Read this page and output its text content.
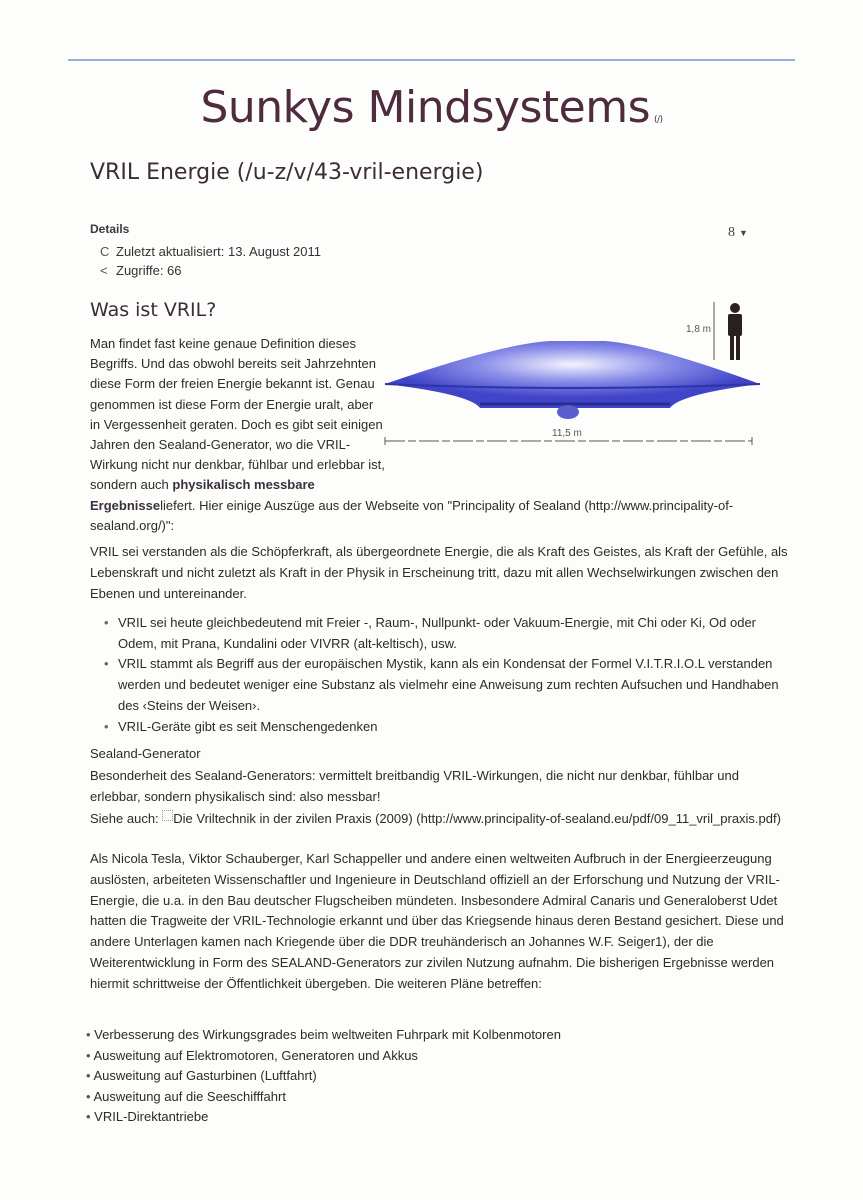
Sunkys Mindsystems (/)
VRIL Energie (/u-z/v/43-vril-energie)
Details
C Zuletzt aktualisiert: 13. August 2011
< Zugriffe: 66
8 ▼
Was ist VRIL?
1,8 m
11,5 m

Man findet fast keine genaue Definition dieses Begriffs. Und das obwohl bereits seit Jahrzehnten diese Form der freien Energie bekannt ist. Genau genommen ist diese Form der Energie uralt, aber in Vergessenheit geraten. Doch es gibt seit einigen Jahren den Sealand-Generator, wo die VRIL-Wirkung nicht nur denkbar, fühlbar und erlebbar ist, sondern auch physikalisch messbare Ergebnisseliefert. Hier einige Auszüge aus der Webseite von "Principality of Sealand (http://www.principality-of-sealand.org/)":

VRIL sei verstanden als die Schöpferkraft, als übergeordnete Energie, die als Kraft des Geistes, als Kraft der Gefühle, als Lebenskraft und nicht zuletzt als Kraft in der Physik in Erscheinung tritt, dazu mit allen Wechselwirkungen zwischen den Ebenen und untereinander.

• VRIL sei heute gleichbedeutend mit Freier -, Raum-, Nullpunkt- oder Vakuum-Energie, mit Chi oder Ki, Od oder Odem, mit Prana, Kundalini oder VIVRR (alt-keltisch), usw.
• VRIL stammt als Begriff aus der europäischen Mystik, kann als ein Kondensat der Formel V.I.T.R.I.O.L verstanden werden und bedeutet weniger eine Substanz als vielmehr eine Anweisung zum rechten Aufsuchen und Handhaben des ‹Steins der Weisen›.
• VRIL-Geräte gibt es seit Menschengedenken
Sealand-Generator
Besonderheit des Sealand-Generators: vermittelt breitbandig VRIL-Wirkungen, die nicht nur denkbar, fühlbar und erlebbar, sondern physikalisch sind: also messbar!
Siehe auch: Die Vriltechnik in der zivilen Praxis (2009) (http://www.principality-of-sealand.eu/pdf/09_11_vril_praxis.pdf)

Als Nicola Tesla, Viktor Schauberger, Karl Schappeller und andere einen weltweiten Aufbruch in der Energieerzeugung auslösten, arbeiteten Wissenschaftler und Ingenieure in Deutschland offiziell an der Erforschung und Nutzung der VRIL-Energie, die u.a. in den Bau deutscher Flugscheiben mündeten. Insbesondere Admiral Canaris und Generaloberst Udet hatten die Tragweite der VRIL-Technologie erkannt und über das Kriegsende hinaus deren Bestand gesichert. Diese und andere Unterlagen kamen nach Kriegende über die DDR treuhänderisch an Johannes W.F. Seiger1), der die Weiterentwicklung in Form des SEALAND-Generators zur zivilen Nutzung aufnahm. Die bisherigen Ergebnisse werden hiermit schrittweise der Öffentlichkeit übergeben. Die weiteren Pläne betreffen:

• Verbesserung des Wirkungsgrades beim weltweiten Fuhrpark mit Kolbenmotoren
• Ausweitung auf Elektromotoren, Generatoren und Akkus
• Ausweitung auf Gasturbinen (Luftfahrt)
• Ausweitung auf die Seeschifffahrt
• VRIL-Direktantriebe
